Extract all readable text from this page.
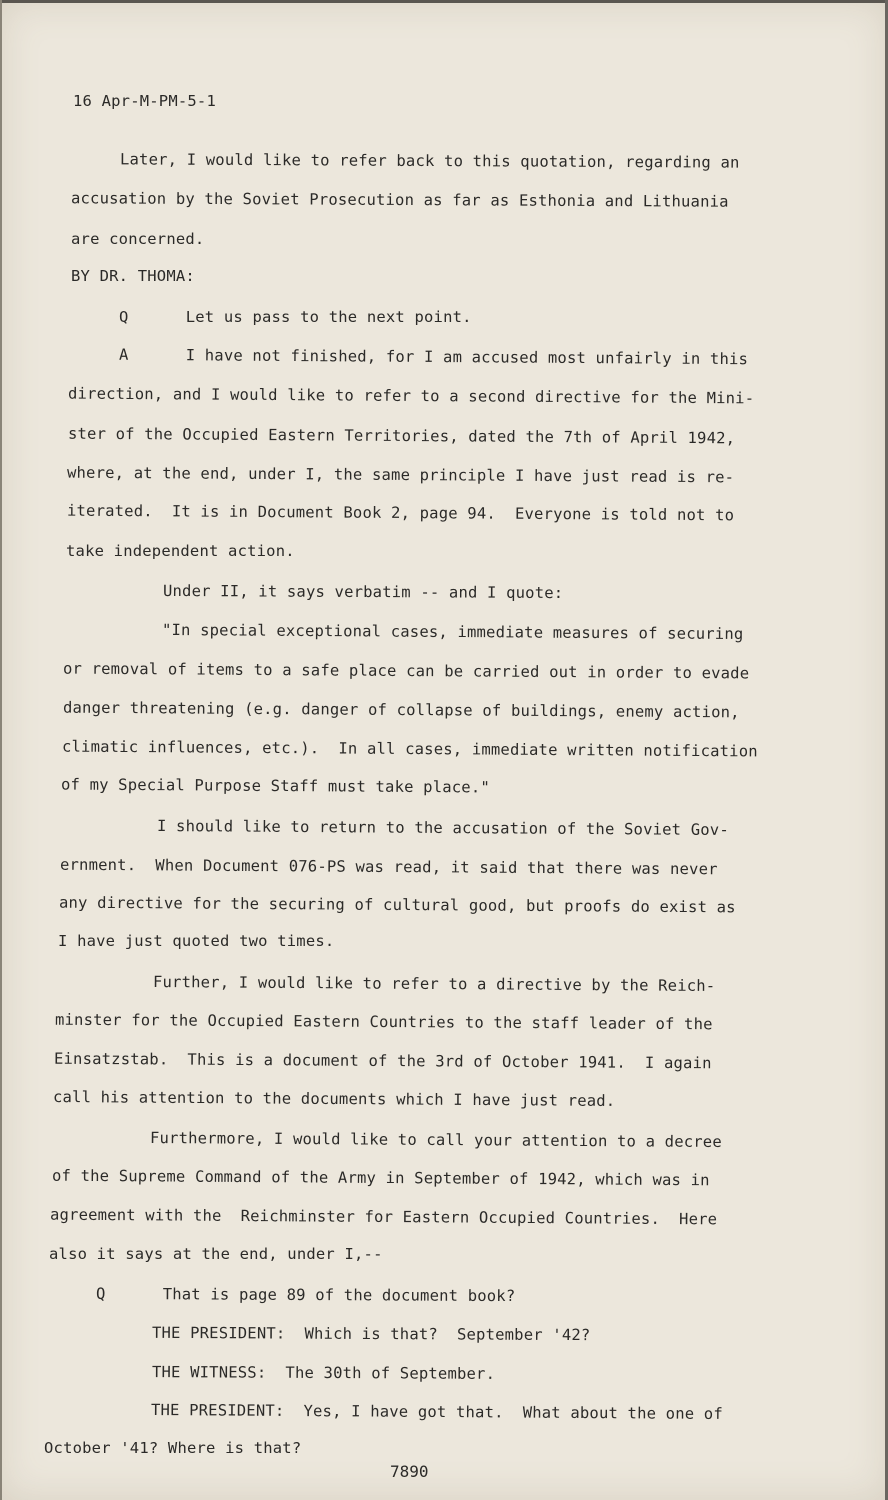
16 Apr-M-PM-5-1
Later, I would like to refer back to this quotation, regarding an
accusation by the Soviet Prosecution as far as Esthonia and Lithuania
are concerned.
BY DR. THOMA:
Q      Let us pass to the next point.
A      I have not finished, for I am accused most unfairly in this
direction, and I would like to refer to a second directive for the Mini-
ster of the Occupied Eastern Territories, dated the 7th of April 1942,
where, at the end, under I, the same principle I have just read is re-
iterated.  It is in Document Book 2, page 94.  Everyone is told not to
take independent action.
Under II, it says verbatim -- and I quote:
"In special exceptional cases, immediate measures of securing
or removal of items to a safe place can be carried out in order to evade
danger threatening (e.g. danger of collapse of buildings, enemy action,
climatic influences, etc.).  In all cases, immediate written notification
of my Special Purpose Staff must take place."
I should like to return to the accusation of the Soviet Gov-
ernment.  When Document 076-PS was read, it said that there was never
any directive for the securing of cultural good, but proofs do exist as
I have just quoted two times.
Further, I would like to refer to a directive by the Reich-
minster for the Occupied Eastern Countries to the staff leader of the
Einsatzstab.  This is a document of the 3rd of October 1941.  I again
call his attention to the documents which I have just read.
Furthermore, I would like to call your attention to a decree
of the Supreme Command of the Army in September of 1942, which was in
agreement with the  Reichminster for Eastern Occupied Countries.  Here
also it says at the end, under I,--
Q      That is page 89 of the document book?
THE PRESIDENT:  Which is that?  September '42?
THE WITNESS:  The 30th of September.
THE PRESIDENT:  Yes, I have got that.  What about the one of
October '41? Where is that?
7890
